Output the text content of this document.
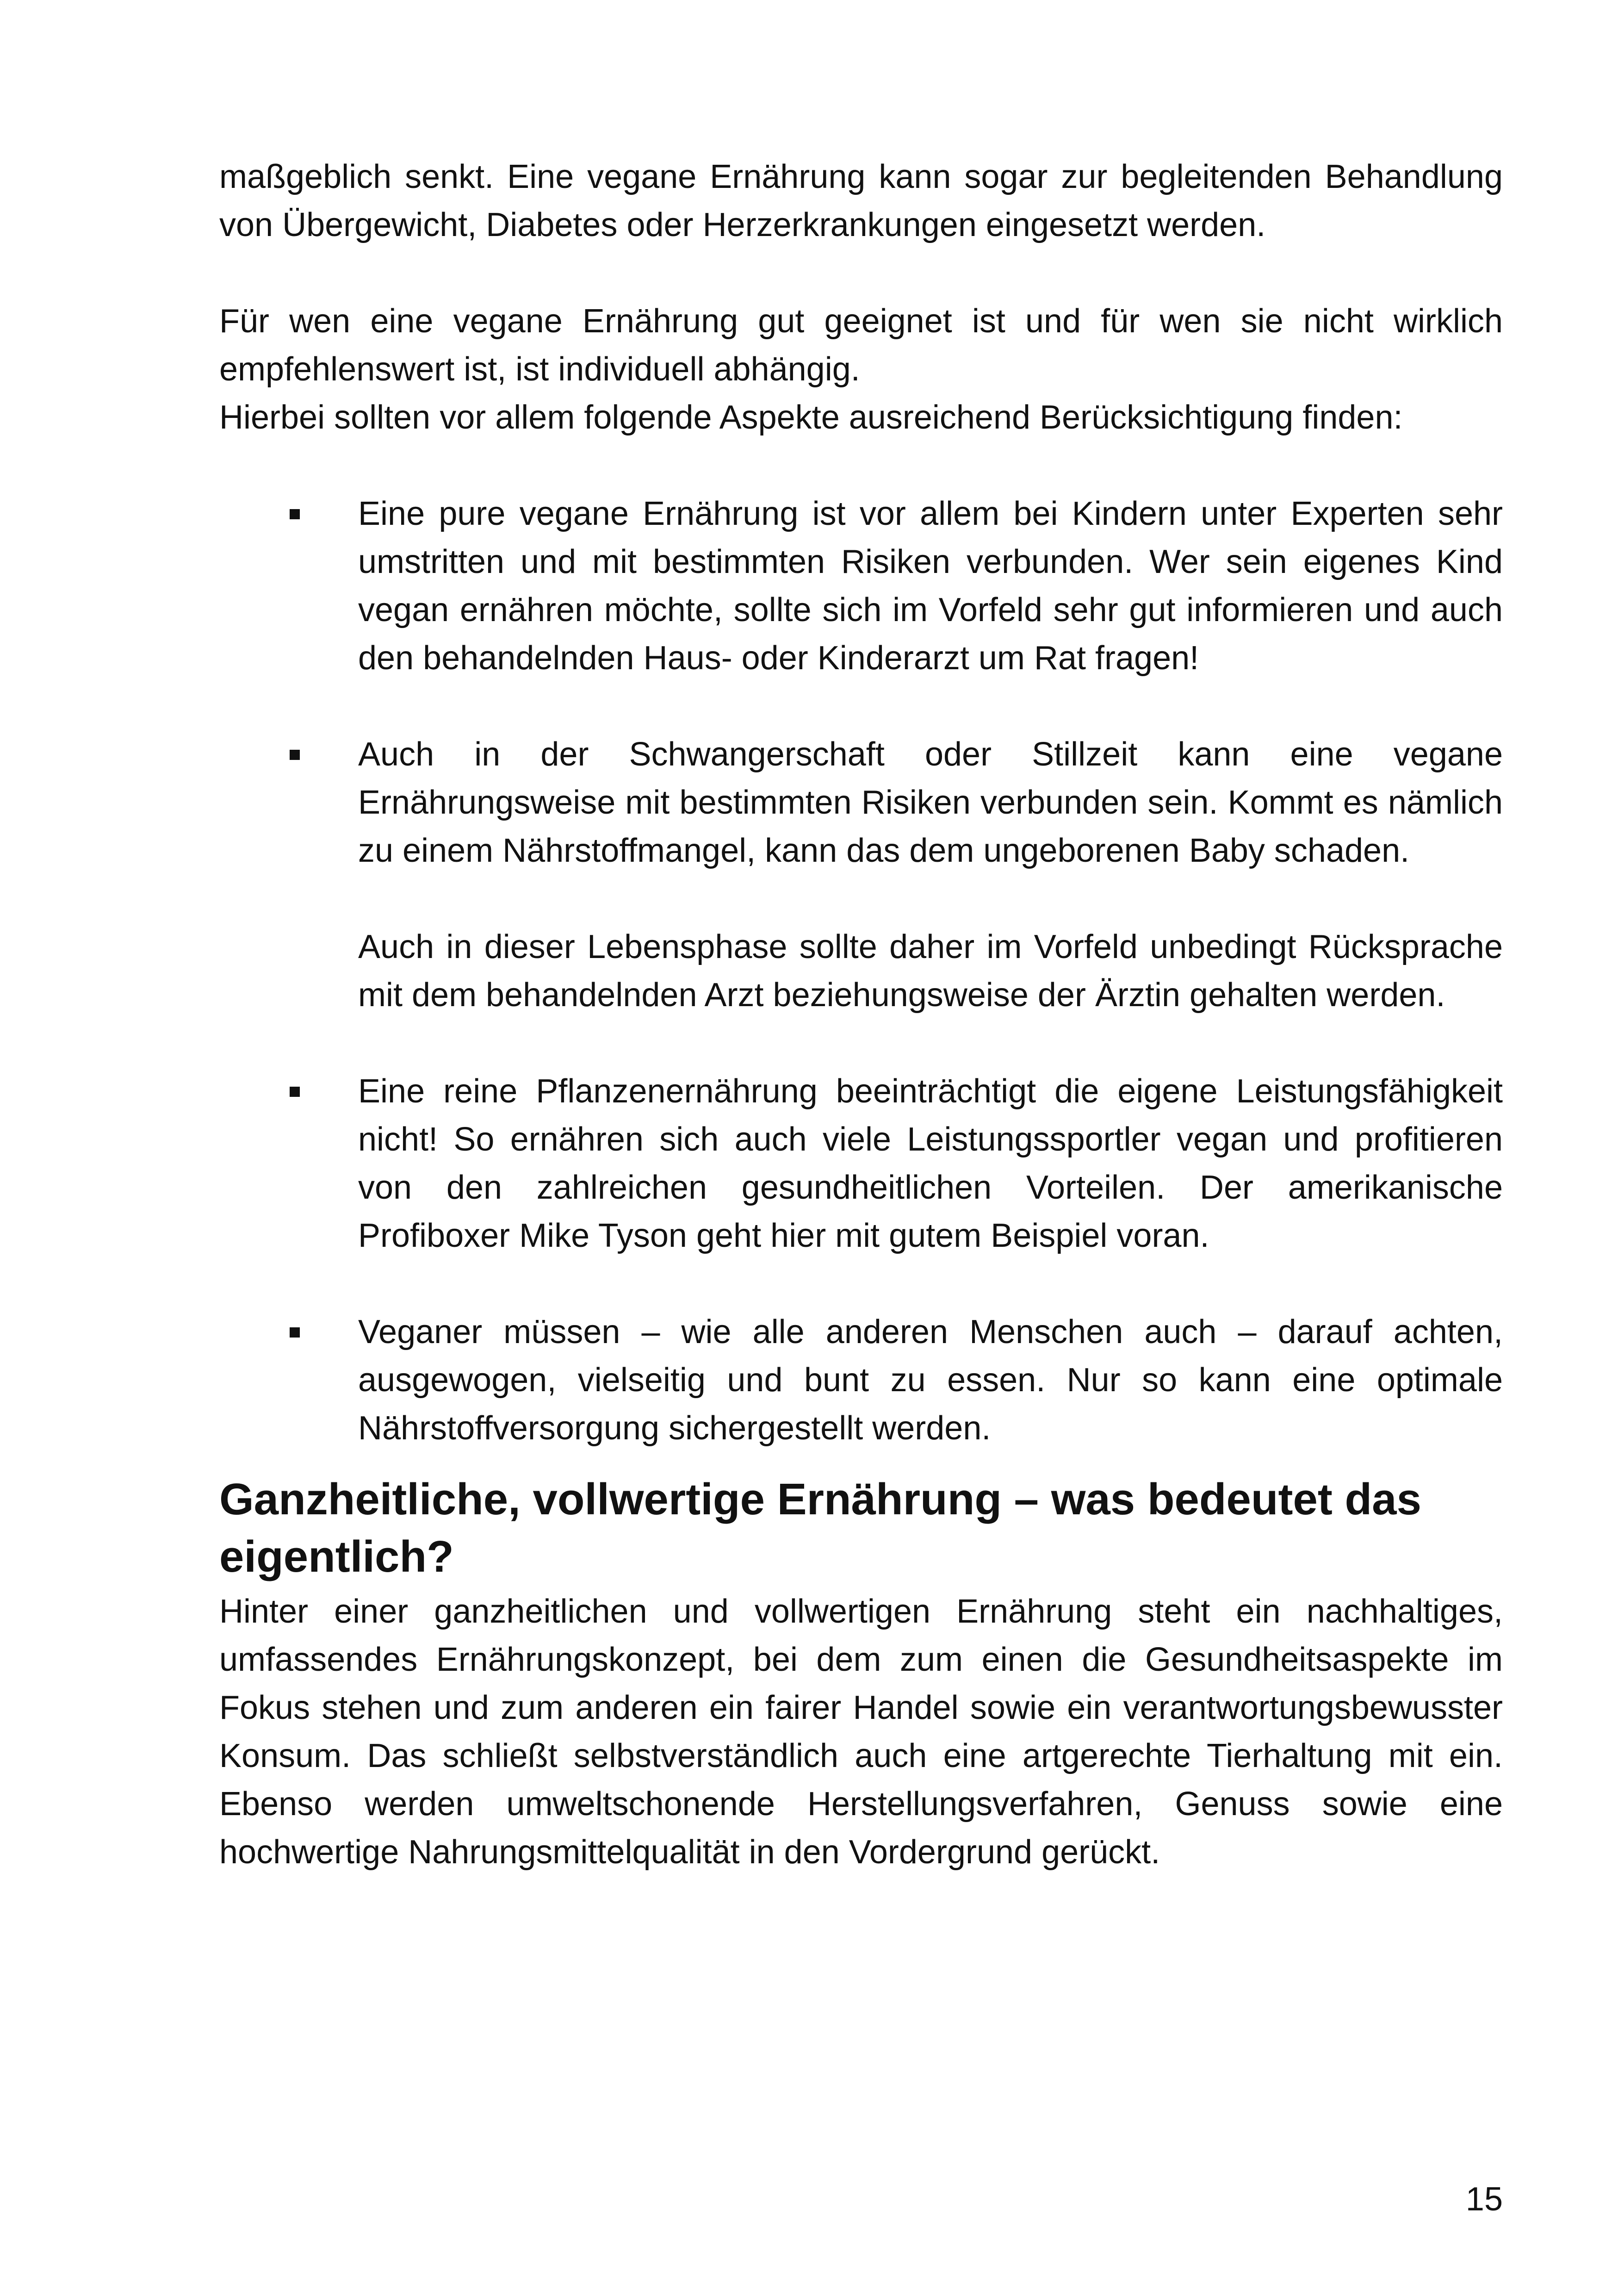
maßgeblich senkt. Eine vegane Ernährung kann sogar zur begleitenden Behandlung von Übergewicht, Diabetes oder Herzerkrankungen eingesetzt werden.

Für wen eine vegane Ernährung gut geeignet ist und für wen sie nicht wirklich empfehlenswert ist, ist individuell abhängig.

Hierbei sollten vor allem folgende Aspekte ausreichend Berücksichtigung finden:

Eine pure vegane Ernährung ist vor allem bei Kindern unter Experten sehr umstritten und mit bestimmten Risiken verbunden. Wer sein eigenes Kind vegan ernähren möchte, sollte sich im Vorfeld sehr gut informieren und auch den behandelnden Haus- oder Kinderarzt um Rat fragen!

Auch in der Schwangerschaft oder Stillzeit kann eine vegane Ernährungsweise mit bestimmten Risiken verbunden sein. Kommt es nämlich zu einem Nährstoffmangel, kann das dem ungeborenen Baby schaden.

Auch in dieser Lebensphase sollte daher im Vorfeld unbedingt Rücksprache mit dem behandelnden Arzt beziehungsweise der Ärztin gehalten werden.

Eine reine Pflanzenernährung beeinträchtigt die eigene Leistungsfähigkeit nicht! So ernähren sich auch viele Leistungssportler vegan und profitieren von den zahlreichen gesundheitlichen Vorteilen. Der amerikanische Profiboxer Mike Tyson geht hier mit gutem Beispiel voran.

Veganer müssen – wie alle anderen Menschen auch – darauf achten, ausgewogen, vielseitig und bunt zu essen. Nur so kann eine optimale Nährstoffversorgung sichergestellt werden.

Ganzheitliche, vollwertige Ernährung – was bedeutet das eigentlich?

Hinter einer ganzheitlichen und vollwertigen Ernährung steht ein nachhaltiges, umfassendes Ernährungskonzept, bei dem zum einen die Gesundheitsaspekte im Fokus stehen und zum anderen ein fairer Handel sowie ein verantwortungsbewusster Konsum. Das schließt selbstverständlich auch eine artgerechte Tierhaltung mit ein. Ebenso werden umweltschonende Herstellungsverfahren, Genuss sowie eine hochwertige Nahrungsmittelqualität in den Vordergrund gerückt.

15
